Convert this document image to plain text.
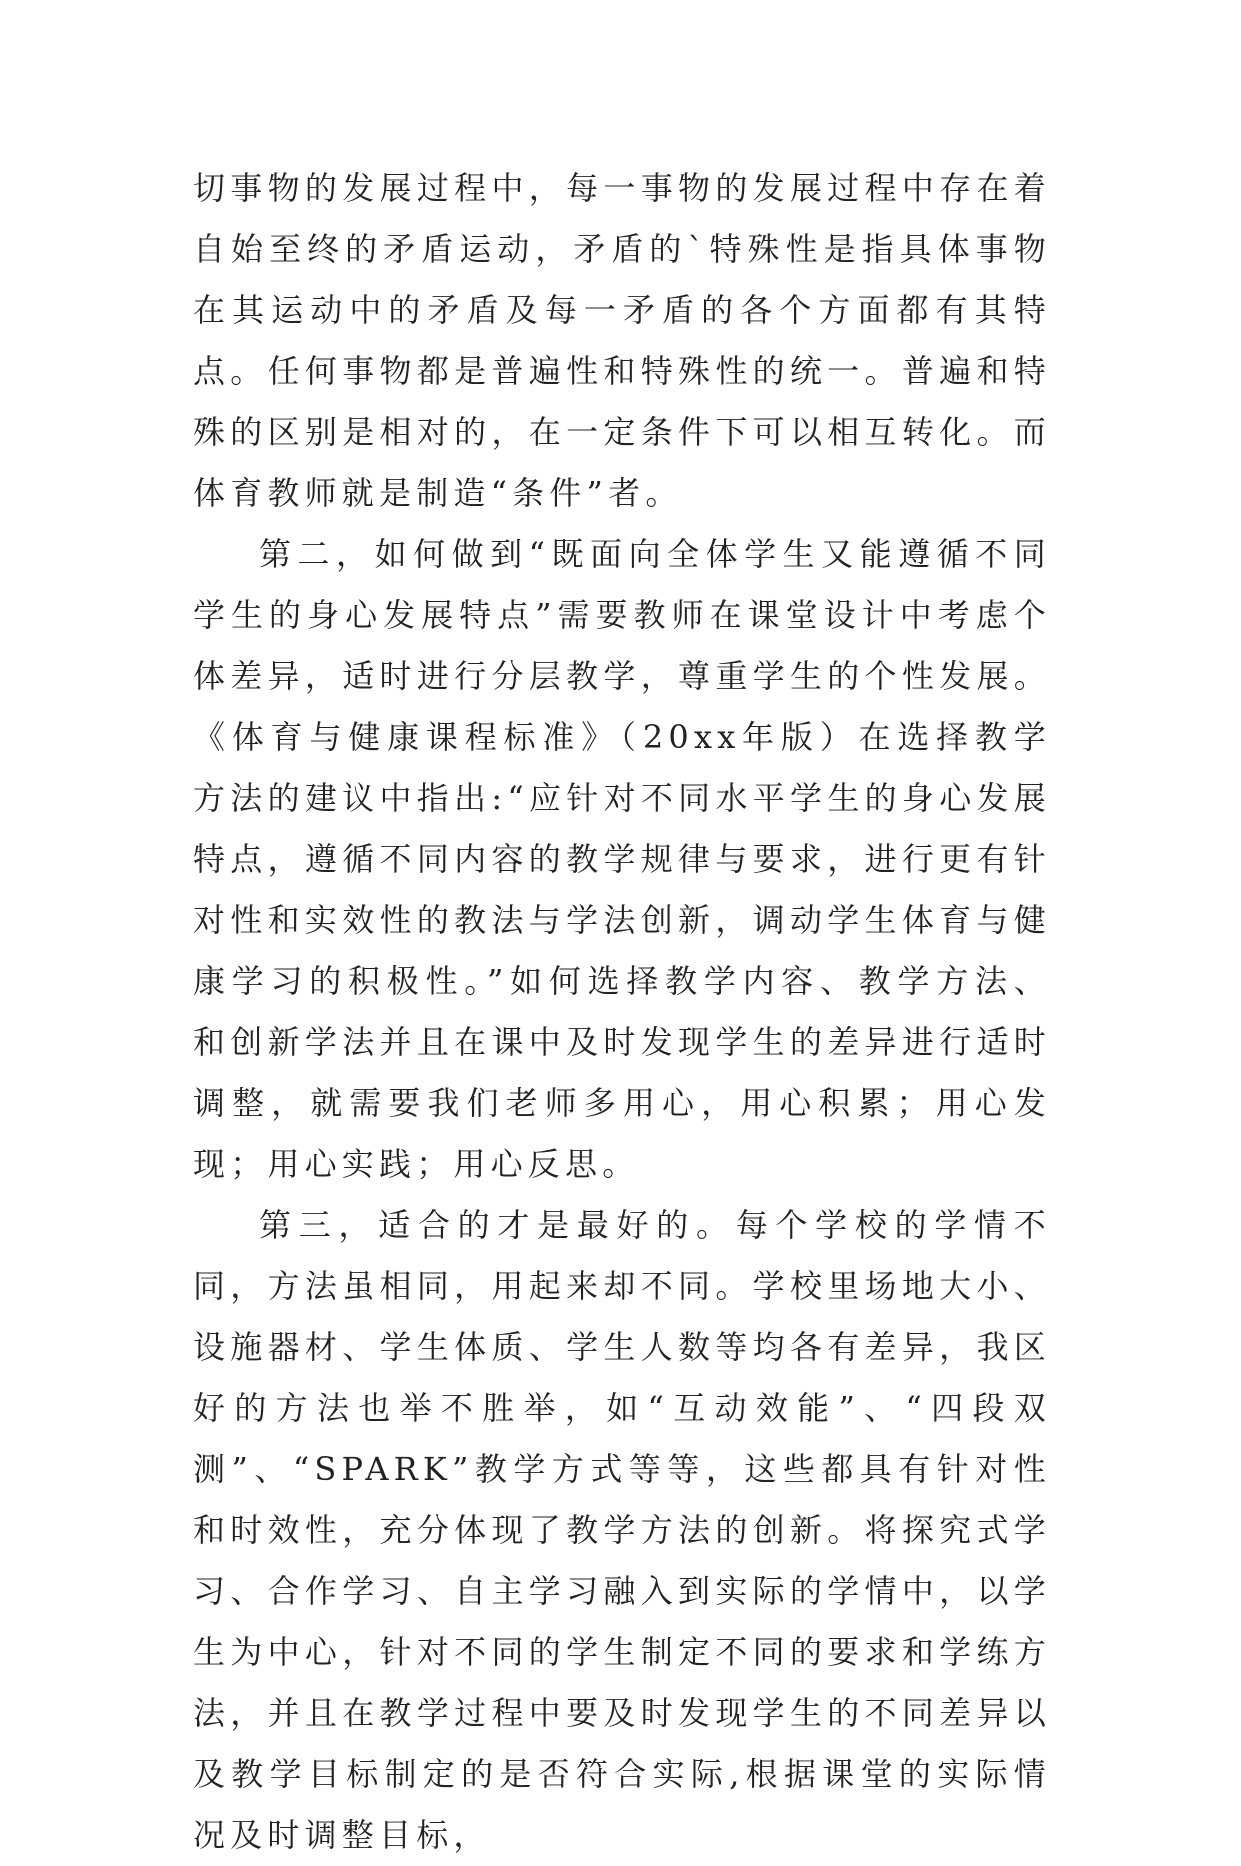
切事物的发展过程中，每一事物的发展过程中存在着自始至终的矛盾运动，矛盾的`特殊性是指具体事物在其运动中的矛盾及每一矛盾的各个方面都有其特点。任何事物都是普遍性和特殊性的统一。普遍和特殊的区别是相对的，在一定条件下可以相互转化。而体育教师就是制造“条件”者。

第二，如何做到“既面向全体学生又能遵循不同学生的身心发展特点”需要教师在课堂设计中考虑个体差异，适时进行分层教学，尊重学生的个性发展。《体育与健康课程标准》（20xx年版）在选择教学方法的建议中指出:“应针对不同水平学生的身心发展特点，遵循不同内容的教学规律与要求，进行更有针对性和实效性的教法与学法创新，调动学生体育与健康学习的积极性。”如何选择教学内容、教学方法、和创新学法并且在课中及时发现学生的差异进行适时调整，就需要我们老师多用心，用心积累；用心发现；用心实践；用心反思。

第三，适合的才是最好的。每个学校的学情不同，方法虽相同，用起来却不同。学校里场地大小、设施器材、学生体质、学生人数等均各有差异，我区好的方法也举不胜举，如“互动效能”、“四段双测”、“SPARK”教学方式等等，这些都具有针对性和时效性，充分体现了教学方法的创新。将探究式学习、合作学习、自主学习融入到实际的学情中，以学生为中心，针对不同的学生制定不同的要求和学练方法，并且在教学过程中要及时发现学生的不同差异以及教学目标制定的是否符合实际,根据课堂的实际情况及时调整目标，
